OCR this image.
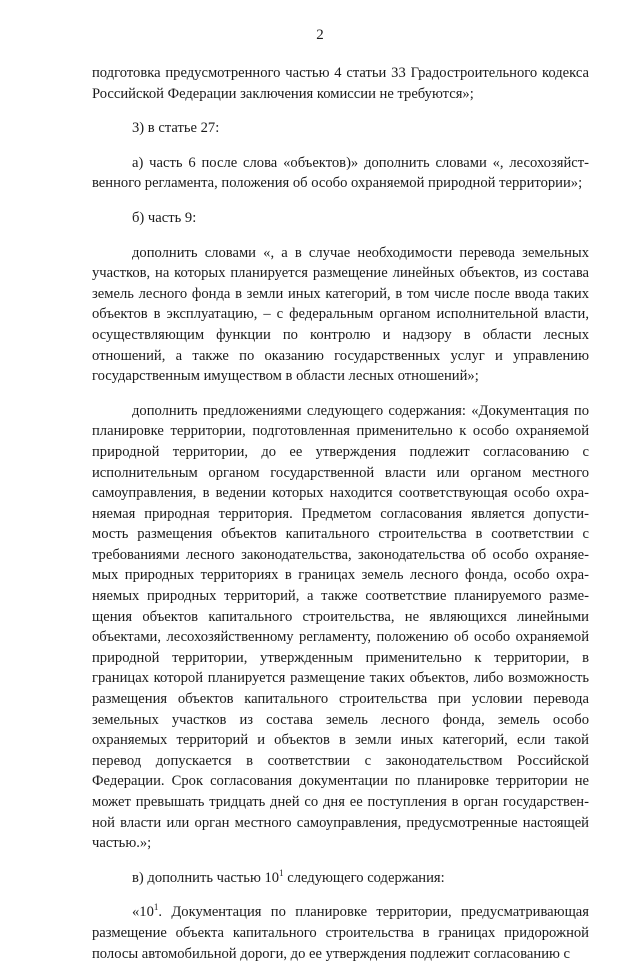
2

подготовка предусмотренного частью 4 статьи 33 Градостроительного кодекса Российской Федерации заключения комиссии не требуются»;

3) в статье 27:

а) часть 6 после слова «объектов)» дополнить словами «, лесохозяйственного регламента, положения об особо охраняемой природной территории»;

б) часть 9:

дополнить словами «, а в случае необходимости перевода земельных участков, на которых планируется размещение линейных объектов, из состава земель лесного фонда в земли иных категорий, в том числе после ввода таких объектов в эксплуатацию, – с федеральным органом исполнительной власти, осуществляющим функции по контролю и надзору в области лесных отношений, а также по оказанию государственных услуг и управлению государственным имуществом в области лесных отношений»;

дополнить предложениями следующего содержания: «Документация по планировке территории, подготовленная применительно к особо охраняемой природной территории, до ее утверждения подлежит согласованию с исполнительным органом государственной власти или органом местного самоуправления, в ведении которых находится соответствующая особо охраняемая природная территория. Предметом согласования является допустимость размещения объектов капитального строительства в соответствии с требованиями лесного законодательства, законодательства об особо охраняемых природных территориях в границах земель лесного фонда, особо охраняемых природных территорий, а также соответствие планируемого размещения объектов капитального строительства, не являющихся линейными объектами, лесохозяйственному регламенту, положению об особо охраняемой природной территории, утвержденным применительно к территории, в границах которой планируется размещение таких объектов, либо возможность размещения объектов капитального строительства при условии перевода земельных участков из состава земель лесного фонда, земель особо охраняемых территорий и объектов в земли иных категорий, если такой перевод допускается в соответствии с законодательством Российской Федерации. Срок согласования документации по планировке территории не может превышать тридцать дней со дня ее поступления в орган государственной власти или орган местного самоуправления, предусмотренные настоящей частью.»;

в) дополнить частью $10^1$ следующего содержания:

«$10^1$. Документация по планировке территории, предусматривающая размещение объекта капитального строительства в границах придорожной полосы автомобильной дороги, до ее утверждения подлежит согласованию с
